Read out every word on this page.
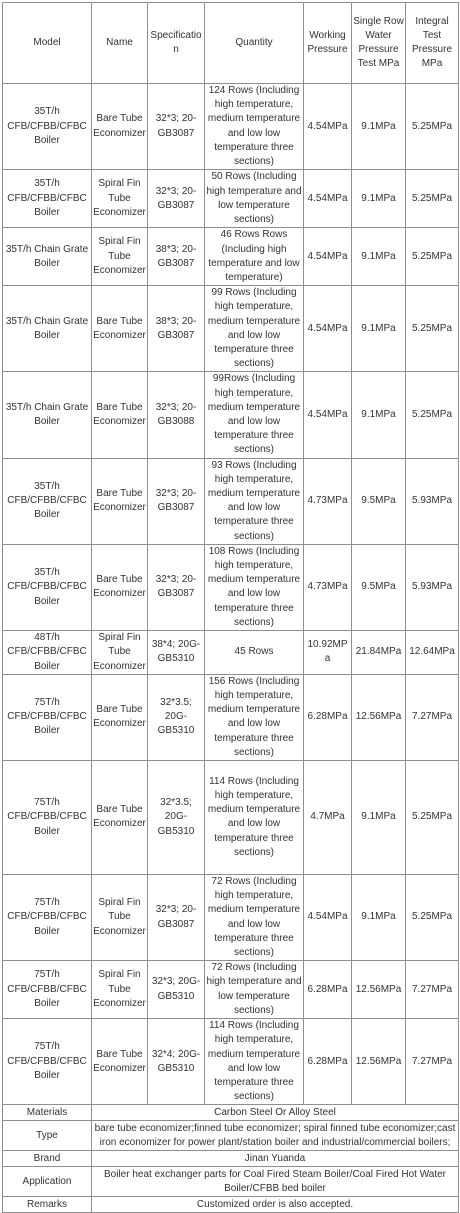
Model	Name	Specification	Quantity	Working Pressure	Single Row Water Pressure Test MPa	Integral Test Pressure MPa
35T/h CFB/CFBB/CFBC Boiler	Bare Tube Economizer	32*3; 20-GB3087	124 Rows (Including high temperature, medium temperature and low low temperature three sections)	4.54MPa	9.1MPa	5.25MPa
35T/h CFB/CFBB/CFBC Boiler	Spiral Fin Tube Economizer	32*3; 20-GB3087	50 Rows (Including high temperature and low temperature sections)	4.54MPa	9.1MPa	5.25MPa
35T/h Chain Grate Boiler	Spiral Fin Tube Economizer	38*3; 20-GB3087	46 Rows Rows (Including high temperature and low temperature)	4.54MPa	9.1MPa	5.25MPa
35T/h Chain Grate Boiler	Bare Tube Economizer	38*3; 20-GB3087	99 Rows (Including high temperature, medium temperature and low low temperature three sections)	4.54MPa	9.1MPa	5.25MPa
35T/h Chain Grate Boiler	Bare Tube Economizer	32*3; 20-GB3088	99Rows (Including high temperature, medium temperature and low low temperature three sections)	4.54MPa	9.1MPa	5.25MPa
35T/h CFB/CFBB/CFBC Boiler	Bare Tube Economizer	32*3; 20-GB3087	93 Rows (Including high temperature, medium temperature and low low temperature three sections)	4.73MPa	9.5MPa	5.93MPa
35T/h CFB/CFBB/CFBC Boiler	Bare Tube Economizer	32*3; 20-GB3087	108 Rows (Including high temperature, medium temperature and low low temperature three sections)	4.73MPa	9.5MPa	5.93MPa
48T/h CFB/CFBB/CFBC Boiler	Spiral Fin Tube Economizer	38*4; 20G-GB5310	45 Rows	10.92MPa	21.84MPa	12.64MPa
75T/h CFB/CFBB/CFBC Boiler	Bare Tube Economizer	32*3.5; 20G-GB5310	156 Rows (Including high temperature, medium temperature and low low temperature three sections)	6.28MPa	12.56MPa	7.27MPa
75T/h CFB/CFBB/CFBC Boiler	Bare Tube Economizer	32*3.5; 20G-GB5310	114 Rows (Including high temperature, medium temperature and low low temperature three sections)	4.7MPa	9.1MPa	5.25MPa
75T/h CFB/CFBB/CFBC Boiler	Spiral Fin Tube Economizer	32*3; 20-GB3087	72 Rows (Including high temperature, medium temperature and low low temperature three sections)	4.54MPa	9.1MPa	5.25MPa
75T/h CFB/CFBB/CFBC Boiler	Spiral Fin Tube Economizer	32*3; 20G-GB5310	72 Rows (Including high temperature and low temperature sections)	6.28MPa	12.56MPa	7.27MPa
75T/h CFB/CFBB/CFBC Boiler	Bare Tube Economizer	32*4; 20G-GB5310	114 Rows (Including high temperature, medium temperature and low low temperature three sections)	6.28MPa	12.56MPa	7.27MPa
Materials	Carbon Steel Or Alloy Steel					
Type	bare tube economizer;finned tube economizer; spiral finned tube economizer;cast iron economizer for power plant/station boiler and industrial/commercial boilers;					
Brand	Jinan Yuanda					
Application	Boiler heat exchanger parts for Coal Fired Steam Boiler/Coal Fired Hot Water Boiler/CFBB bed boiler					
Remarks	Customized order is also accepted.					
